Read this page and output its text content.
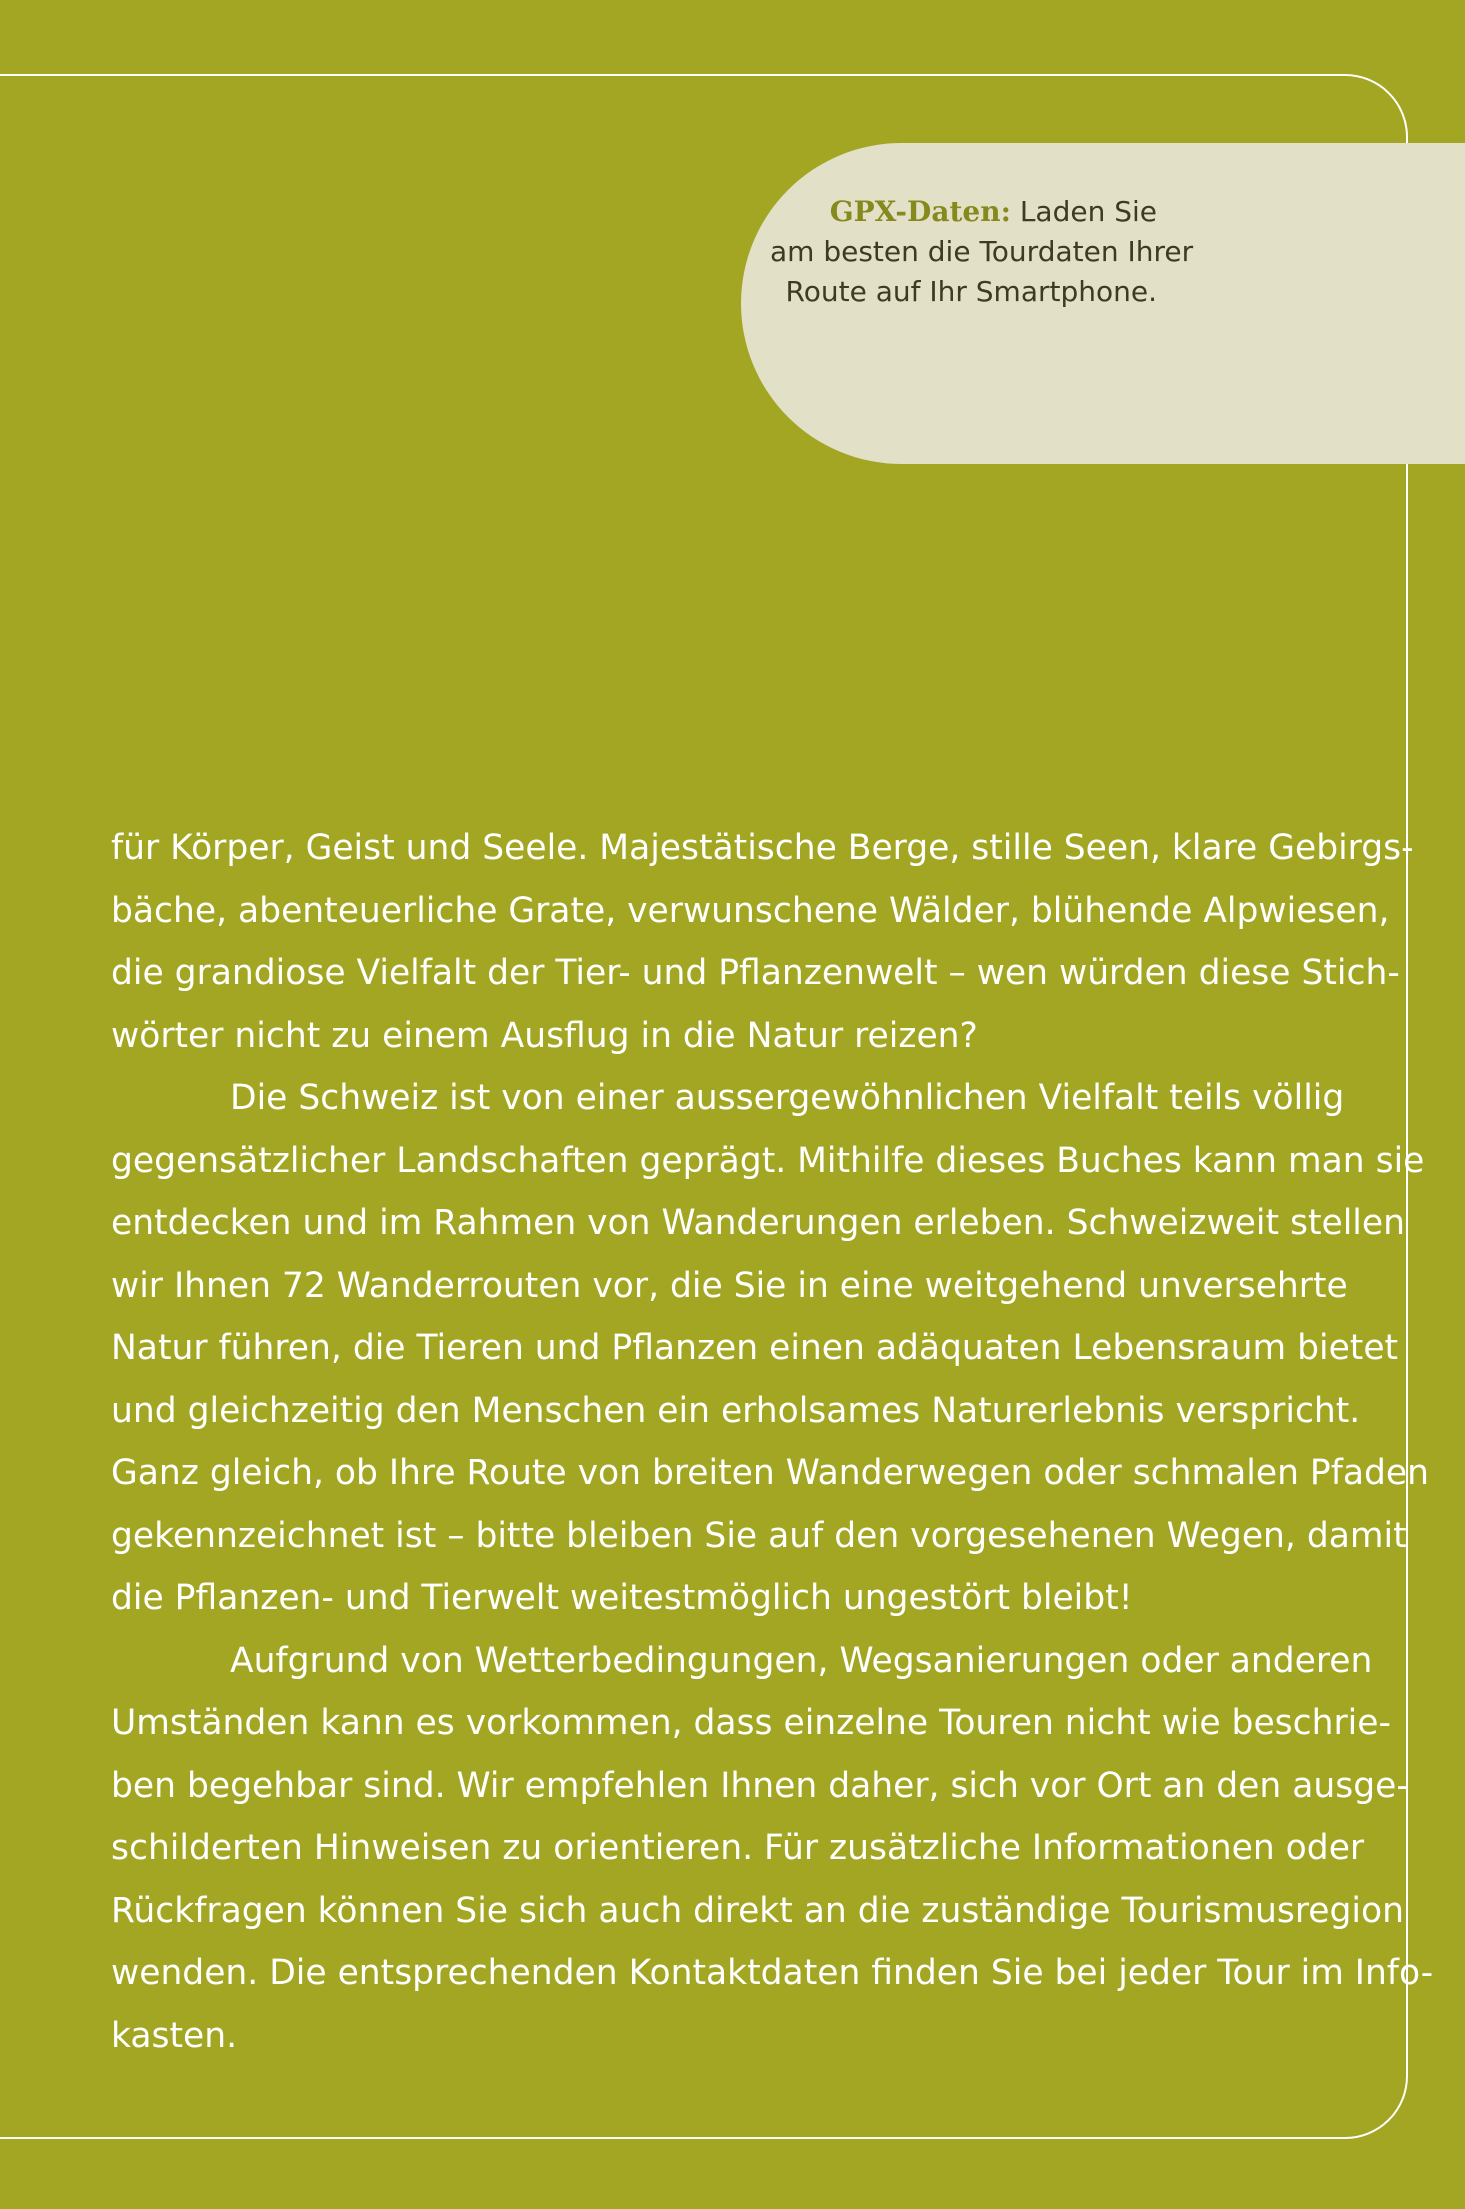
GPX-Daten: Laden Sie
am besten die Tourdaten Ihrer
Route auf Ihr Smartphone.
für Körper, Geist und Seele. Majestätische Berge, stille Seen, klare Gebirgs-
bäche, abenteuerliche Grate, verwunschene Wälder, blühende Alpwiesen,
die grandiose Vielfalt der Tier- und Pflanzenwelt – wen würden diese Stich-
wörter nicht zu einem Ausflug in die Natur reizen?
Die Schweiz ist von einer aussergewöhnlichen Vielfalt teils völlig
gegensätzlicher Landschaften geprägt. Mithilfe dieses Buches kann man sie
entdecken und im Rahmen von Wanderungen erleben. Schweizweit stellen
wir Ihnen 72 Wanderrouten vor, die Sie in eine weitgehend unversehrte
Natur führen, die Tieren und Pflanzen einen adäquaten Lebensraum bietet
und gleichzeitig den Menschen ein erholsames Naturerlebnis verspricht.
Ganz gleich, ob Ihre Route von breiten Wanderwegen oder schmalen Pfaden
gekennzeichnet ist – bitte bleiben Sie auf den vorgesehenen Wegen, damit
die Pflanzen- und Tierwelt weitestmöglich ungestört bleibt!
Aufgrund von Wetterbedingungen, Wegsanierungen oder anderen
Umständen kann es vorkommen, dass einzelne Touren nicht wie beschrie-
ben begehbar sind. Wir empfehlen Ihnen daher, sich vor Ort an den ausge-
schilderten Hinweisen zu orientieren. Für zusätzliche Informationen oder
Rückfragen können Sie sich auch direkt an die zuständige Tourismusregion
wenden. Die entsprechenden Kontaktdaten finden Sie bei jeder Tour im Info-
kasten.
